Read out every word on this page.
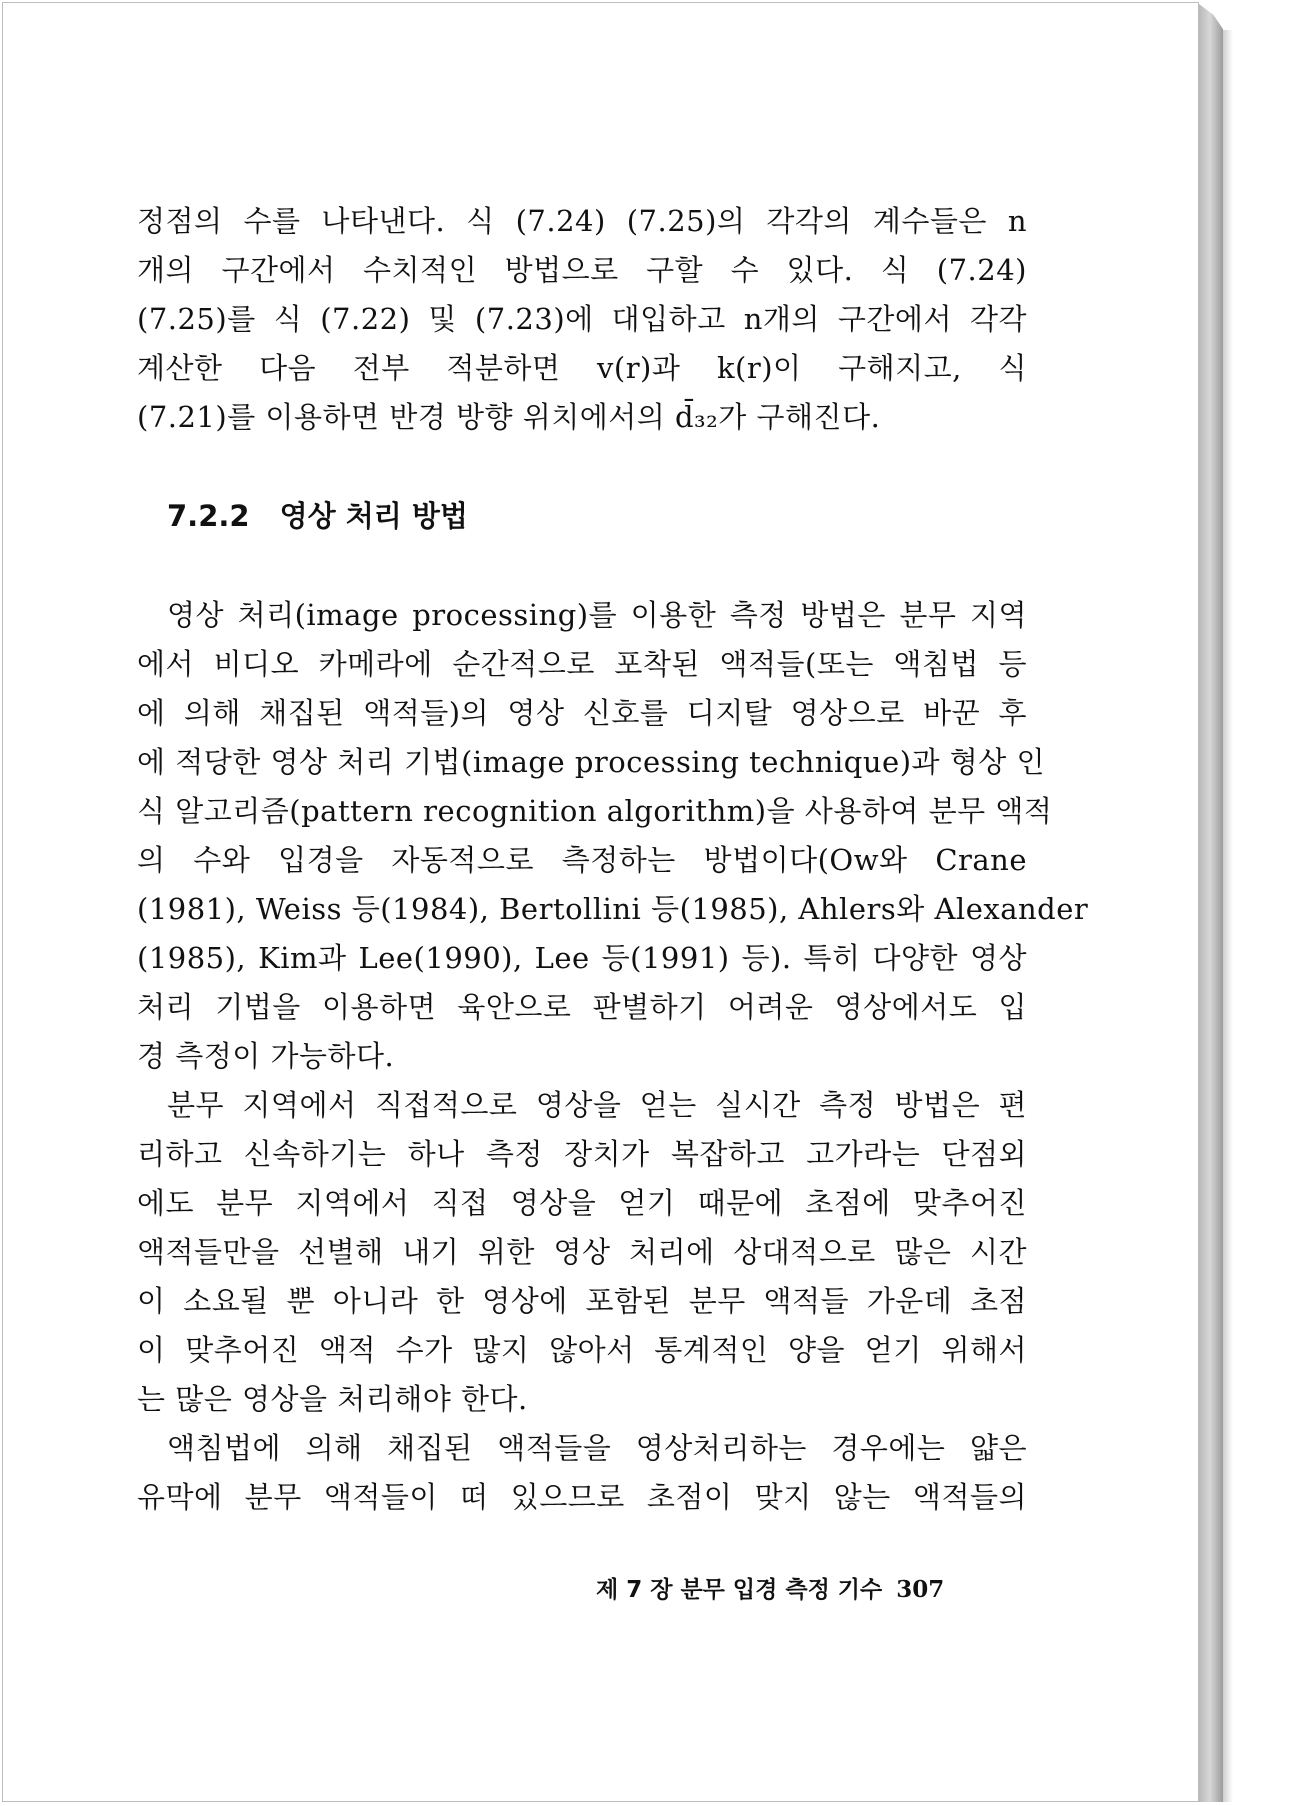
정점의 수를 나타낸다. 식 (7.24) (7.25)의 각각의 계수들은 n
개의 구간에서 수치적인 방법으로 구할 수 있다. 식 (7.24)
(7.25)를 식 (7.22) 및 (7.23)에 대입하고 n개의 구간에서 각각
계산한 다음 전부 적분하면 v(r)과 k(r)이 구해지고, 식
(7.21)를 이용하면 반경 방향 위치에서의 d̄₃₂가 구해진다.
7.2.2 영상 처리 방법
영상 처리(image processing)를 이용한 측정 방법은 분무 지역
에서 비디오 카메라에 순간적으로 포착된 액적들(또는 액침법 등
에 의해 채집된 액적들)의 영상 신호를 디지탈 영상으로 바꾼 후
에 적당한 영상 처리 기법(image processing technique)과 형상 인
식 알고리즘(pattern recognition algorithm)을 사용하여 분무 액적
의 수와 입경을 자동적으로 측정하는 방법이다(Ow와 Crane
(1981), Weiss 등(1984), Bertollini 등(1985), Ahlers와 Alexander
(1985), Kim과 Lee(1990), Lee 등(1991) 등). 특히 다양한 영상
처리 기법을 이용하면 육안으로 판별하기 어려운 영상에서도 입
경 측정이 가능하다.
분무 지역에서 직접적으로 영상을 얻는 실시간 측정 방법은 편
리하고 신속하기는 하나 측정 장치가 복잡하고 고가라는 단점외
에도 분무 지역에서 직접 영상을 얻기 때문에 초점에 맞추어진
액적들만을 선별해 내기 위한 영상 처리에 상대적으로 많은 시간
이 소요될 뿐 아니라 한 영상에 포함된 분무 액적들 가운데 초점
이 맞추어진 액적 수가 많지 않아서 통계적인 양을 얻기 위해서
는 많은 영상을 처리해야 한다.
액침법에 의해 채집된 액적들을 영상처리하는 경우에는 얇은
유막에 분무 액적들이 떠 있으므로 초점이 맞지 않는 액적들의
제 7 장 분무 입경 측정 기수 307
